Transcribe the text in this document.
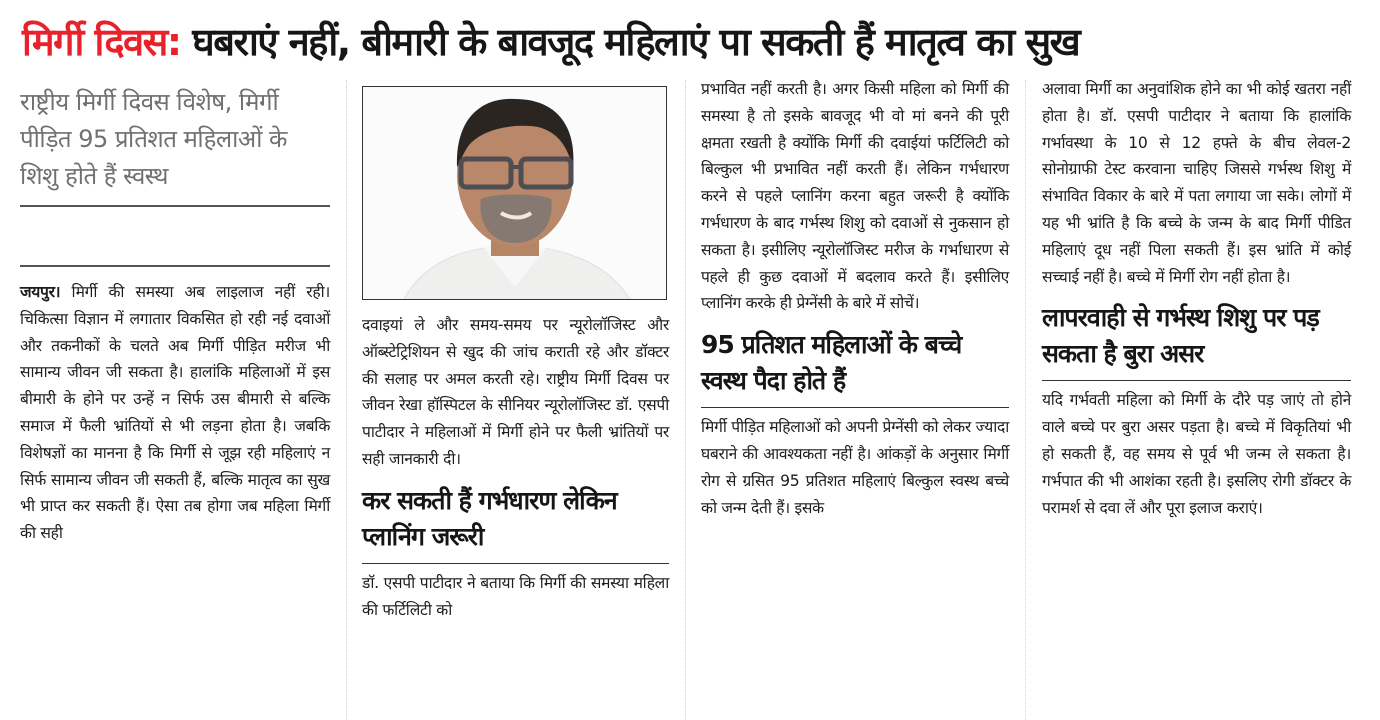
मिर्गी दिवस: घबराएं नहीं, बीमारी के बावजूद महिलाएं पा सकती हैं मातृत्व का सुख
राष्ट्रीय मिर्गी दिवस विशेष, मिर्गी पीड़ित 95 प्रतिशत महिलाओं के शिशु होते हैं स्वस्थ

जयपुर। मिर्गी की समस्या अब लाइलाज नहीं रही। चिकित्सा विज्ञान में लगातार विकसित हो रही नई दवाओं और तकनीकों के चलते अब मिर्गी पीड़ित मरीज भी सामान्य जीवन जी सकता है। हालांकि महिलाओं में इस बीमारी के होने पर उन्हें न सिर्फ उस बीमारी से बल्कि समाज में फैली भ्रांतियों से भी लड़ना होता है। जबकि विशेषज्ञों का मानना है कि मिर्गी से जूझ रही महिलाएं न सिर्फ सामान्य जीवन जी सकती हैं, बल्कि मातृत्व का सुख भी प्राप्त कर सकती हैं। ऐसा तब होगा जब महिला मिर्गी की सही

दवाइयां ले और समय-समय पर न्यूरोलॉजिस्ट और ऑब्स्टेट्रिशियन से खुद की जांच कराती रहे और डॉक्टर की सलाह पर अमल करती रहे। राष्ट्रीय मिर्गी दिवस पर जीवन रेखा हॉस्पिटल के सीनियर न्यूरोलॉजिस्ट डॉ. एसपी पाटीदार ने महिलाओं में मिर्गी होने पर फैली भ्रांतियों पर सही जानकारी दी।

कर सकती हैं गर्भधारण लेकिन प्लानिंग जरूरी

डॉ. एसपी पाटीदार ने बताया कि मिर्गी की समस्या महिला की फर्टिलिटी को

प्रभावित नहीं करती है। अगर किसी महिला को मिर्गी की समस्या है तो इसके बावजूद भी वो मां बनने की पूरी क्षमता रखती है क्योंकि मिर्गी की दवाईयां फर्टिलिटी को बिल्कुल भी प्रभावित नहीं करती हैं। लेकिन गर्भधारण करने से पहले प्लानिंग करना बहुत जरूरी है क्योंकि गर्भधारण के बाद गर्भस्थ शिशु को दवाओं से नुकसान हो सकता है। इसीलिए न्यूरोलॉजिस्ट मरीज के गर्भाधारण से पहले ही कुछ दवाओं में बदलाव करते हैं। इसीलिए प्लानिंग करके ही प्रेग्नेंसी के बारे में सोचें।

95 प्रतिशत महिलाओं के बच्चे स्वस्थ पैदा होते हैं

मिर्गी पीड़ित महिलाओं को अपनी प्रेग्नेंसी को लेकर ज्यादा घबराने की आवश्यकता नहीं है। आंकड़ों के अनुसार मिर्गी रोग से ग्रसित 95 प्रतिशत महिलाएं बिल्कुल स्वस्थ बच्चे को जन्म देती हैं। इसके

अलावा मिर्गी का अनुवांशिक होने का भी कोई खतरा नहीं होता है। डॉ. एसपी पाटीदार ने बताया कि हालांकि गर्भावस्था के 10 से 12 हफ्ते के बीच लेवल-2 सोनोग्राफी टेस्ट करवाना चाहिए जिससे गर्भस्थ शिशु में संभावित विकार के बारे में पता लगाया जा सके। लोगों में यह भी भ्रांति है कि बच्चे के जन्म के बाद मिर्गी पीडित महिलाएं दूध नहीं पिला सकती हैं। इस भ्रांति में कोई सच्चाई नहीं है। बच्चे में मिर्गी रोग नहीं होता है।

लापरवाही से गर्भस्थ शिशु पर पड़ सकता है बुरा असर

यदि गर्भवती महिला को मिर्गी के दौरे पड़ जाएं तो होने वाले बच्चे पर बुरा असर पड़ता है। बच्चे में विकृतियां भी हो सकती हैं, वह समय से पूर्व भी जन्म ले सकता है। गर्भपात की भी आशंका रहती है। इसलिए रोगी डॉक्टर के परामर्श से दवा लें और पूरा इलाज कराएं।
